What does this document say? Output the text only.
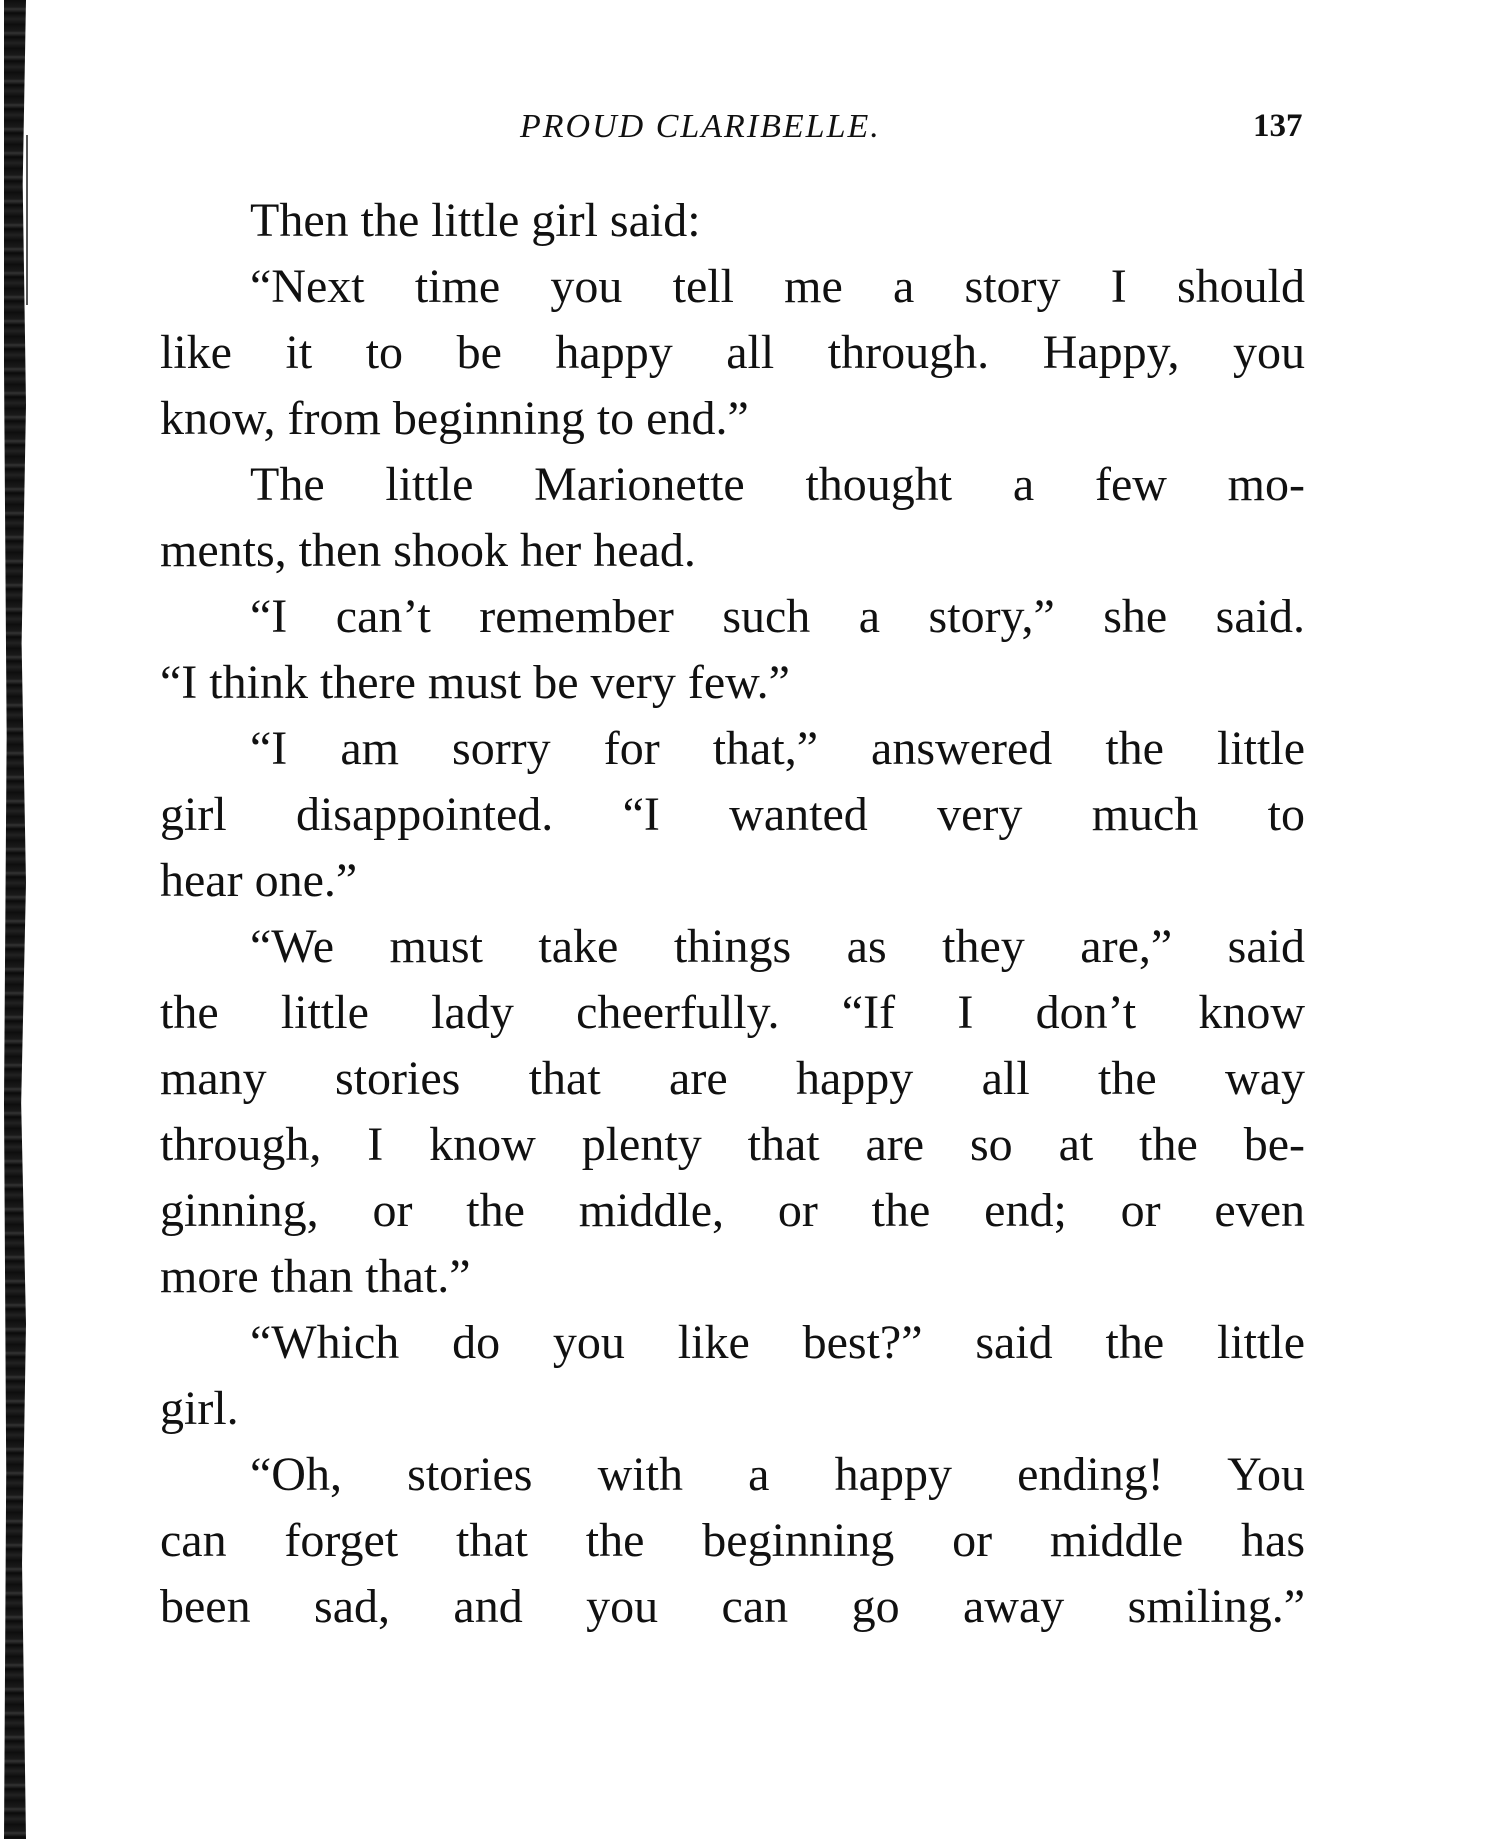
PROUD CLARIBELLE.	137
Then the little girl said:
“Next time you tell me a story I should
like it to be happy all through. Happy, you
know, from beginning to end.”
The little Marionette thought a few mo-
ments, then shook her head.
“I can’t remember such a story,” she said.
“I think there must be very few.”
“I am sorry for that,” answered the little
girl disappointed. “I wanted very much to
hear one.”
“We must take things as they are,” said
the little lady cheerfully. “If I don’t know
many stories that are happy all the way
through, I know plenty that are so at the be-
ginning, or the middle, or the end; or even
more than that.”
“Which do you like best?” said the little
girl.
“Oh, stories with a happy ending! You
can forget that the beginning or middle has
been sad, and you can go away smiling.”
